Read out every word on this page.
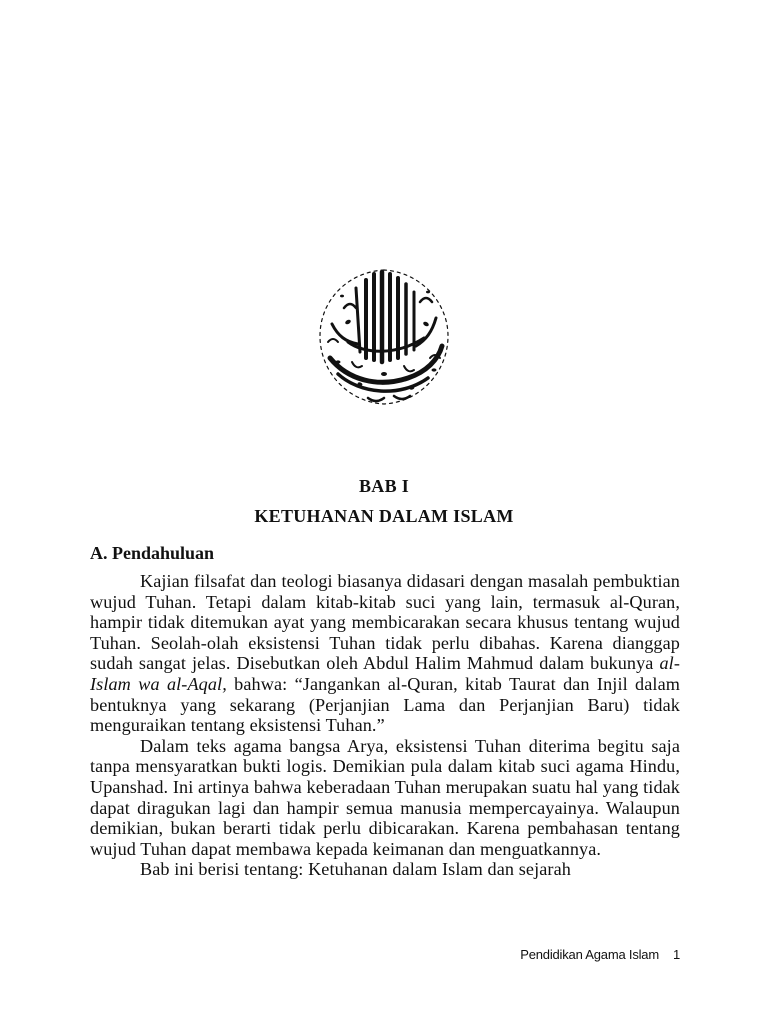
BAB I
KETUHANAN DALAM ISLAM
A. Pendahuluan

Kajian filsafat dan teologi biasanya didasari dengan masalah pembuktian wujud Tuhan. Tetapi dalam kitab-kitab suci yang lain, termasuk al-Quran, hampir tidak ditemukan ayat yang membicarakan secara khusus tentang wujud Tuhan. Seolah-olah eksistensi Tuhan tidak perlu dibahas. Karena dianggap sudah sangat jelas. Disebutkan oleh Abdul Halim Mahmud dalam bukunya al-Islam wa al-Aqal, bahwa: “Jangankan al-Quran, kitab Taurat dan Injil dalam bentuknya yang sekarang (Perjanjian Lama dan Perjanjian Baru) tidak menguraikan tentang eksistensi Tuhan.”

Dalam teks agama bangsa Arya, eksistensi Tuhan diterima begitu saja tanpa mensyaratkan bukti logis. Demikian pula dalam kitab suci agama Hindu, Upanshad. Ini artinya bahwa keberadaan Tuhan merupakan suatu hal yang tidak dapat diragukan lagi dan hampir semua manusia mempercayainya. Walaupun demikian, bukan berarti tidak perlu dibicarakan. Karena pembahasan tentang wujud Tuhan dapat membawa kepada keimanan dan menguatkannya.

Bab ini berisi tentang: Ketuhanan dalam Islam dan sejarah

Pendidikan Agama Islam 1
